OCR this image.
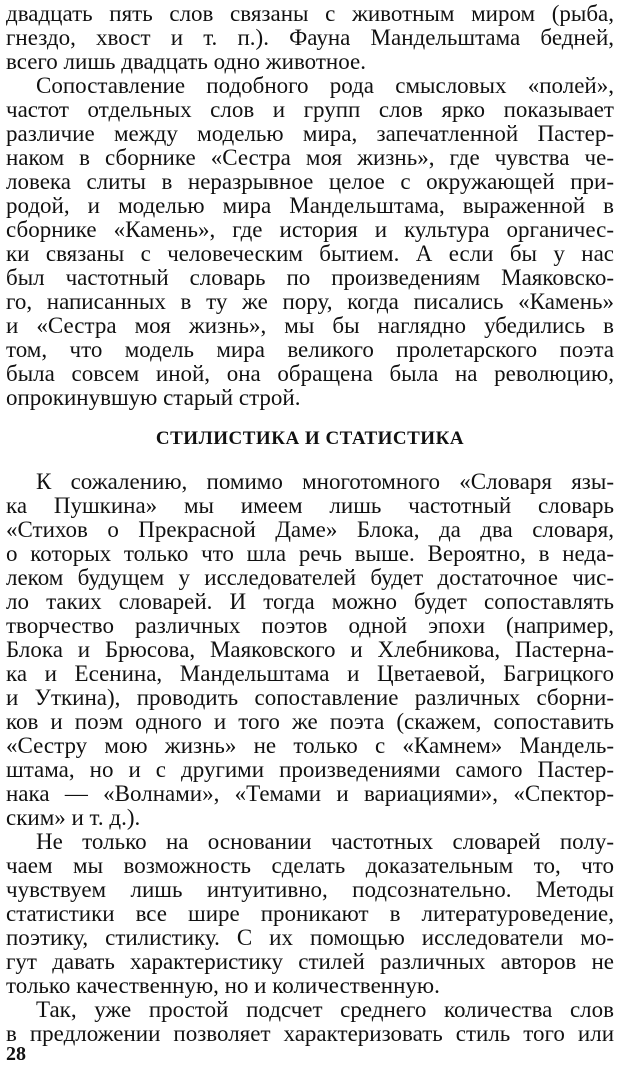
двадцать пять слов связаны с животным миром (рыба,
гнездо, хвост и т. п.). Фауна Мандельштама бедней,
всего лишь двадцать одно животное.
Сопоставление подобного рода смысловых «полей»,
частот отдельных слов и групп слов ярко показывает
различие между моделью мира, запечатленной Пастер-
наком в сборнике «Сестра моя жизнь», где чувства че-
ловека слиты в неразрывное целое с окружающей при-
родой, и моделью мира Мандельштама, выраженной в
сборнике «Камень», где история и культура органичес-
ки связаны с человеческим бытием. А если бы у нас
был частотный словарь по произведениям Маяковско-
го, написанных в ту же пору, когда писались «Камень»
и «Сестра моя жизнь», мы бы наглядно убедились в
том, что модель мира великого пролетарского поэта
была совсем иной, она обращена была на революцию,
опрокинувшую старый строй.
СТИЛИСТИКА И СТАТИСТИКА
К сожалению, помимо многотомного «Словаря язы-
ка Пушкина» мы имеем лишь частотный словарь
«Стихов о Прекрасной Даме» Блока, да два словаря,
о которых только что шла речь выше. Вероятно, в неда-
леком будущем у исследователей будет достаточное чис-
ло таких словарей. И тогда можно будет сопоставлять
творчество различных поэтов одной эпохи (например,
Блока и Брюсова, Маяковского и Хлебникова, Пастерна-
ка и Есенина, Мандельштама и Цветаевой, Багрицкого
и Уткина), проводить сопоставление различных сборни-
ков и поэм одного и того же поэта (скажем, сопоставить
«Сестру мою жизнь» не только с «Камнем» Мандель-
штама, но и с другими произведениями самого Пастер-
нака — «Волнами», «Темами и вариациями», «Спектор-
ским» и т. д.).
Не только на основании частотных словарей полу-
чаем мы возможность сделать доказательным то, что
чувствуем лишь интуитивно, подсознательно. Методы
статистики все шире проникают в литературоведение,
поэтику, стилистику. С их помощью исследователи мо-
гут давать характеристику стилей различных авторов не
только качественную, но и количественную.
Так, уже простой подсчет среднего количества слов
в предложении позволяет характеризовать стиль того или
28
